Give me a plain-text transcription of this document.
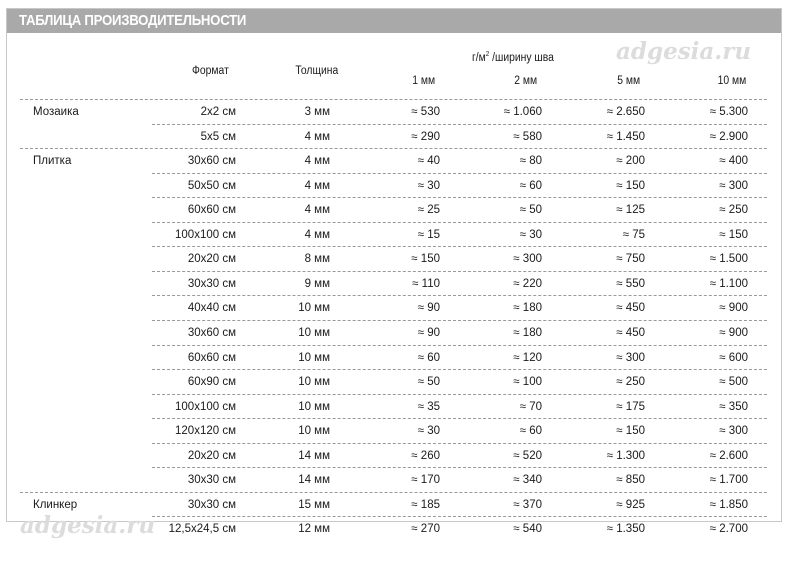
ТАБЛИЦА ПРОИЗВОДИТЕЛЬНОСТИ
adgesia.ru
adgesia.ru
Формат	Толщина
$г/м^2$ /ширину шва
1 мм	2 мм	5 мм	10 мм
Мозаика	2x2 см	3 мм	≈ 530	≈ 1.060	≈ 2.650	≈ 5.300
5x5 см	4 мм	≈ 290	≈ 580	≈ 1.450	≈ 2.900
Плитка	30x60 см	4 мм	≈ 40	≈ 80	≈ 200	≈ 400
50x50 см	4 мм	≈ 30	≈ 60	≈ 150	≈ 300
60x60 см	4 мм	≈ 25	≈ 50	≈ 125	≈ 250
100x100 см	4 мм	≈ 15	≈ 30	≈ 75	≈ 150
20x20 см	8 мм	≈ 150	≈ 300	≈ 750	≈ 1.500
30x30 см	9 мм	≈ 110	≈ 220	≈ 550	≈ 1.100
40x40 см	10 мм	≈ 90	≈ 180	≈ 450	≈ 900
30x60 см	10 мм	≈ 90	≈ 180	≈ 450	≈ 900
60x60 см	10 мм	≈ 60	≈ 120	≈ 300	≈ 600
60x90 см	10 мм	≈ 50	≈ 100	≈ 250	≈ 500
100x100 см	10 мм	≈ 35	≈ 70	≈ 175	≈ 350
120x120 см	10 мм	≈ 30	≈ 60	≈ 150	≈ 300
20x20 см	14 мм	≈ 260	≈ 520	≈ 1.300	≈ 2.600
30x30 см	14 мм	≈ 170	≈ 340	≈ 850	≈ 1.700
Клинкер	30x30 см	15 мм	≈ 185	≈ 370	≈ 925	≈ 1.850
12,5x24,5 см	12 мм	≈ 270	≈ 540	≈ 1.350	≈ 2.700
